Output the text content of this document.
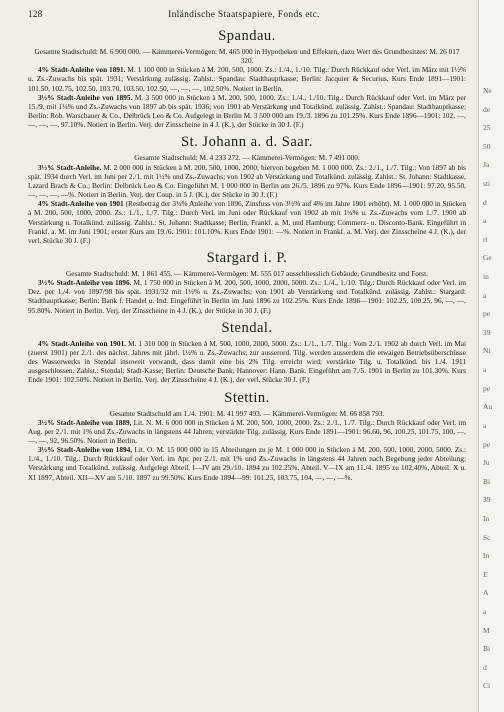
128	Inländische Staatspapiere, Fonds etc.
Spandau.

Gesamte Stadtschuld: M. 6 900 000. — Kämmerei-Vermögen: M. 465 000 in Hypotheken und Effekten, dazu Wert des Grundbesitzes: M. 26 017 320.

4% Stadt-Anleihe von 1891. M. 1 100 000 in Stücken à M. 200, 500, 1000. Zs.: 1./4., 1./10. Tilg.: Durch Rückkauf oder Verl. im März mit 1½% u. Zs.-Zuwachs bis spät. 1931; Verstärkung zulässig. Zahlst.: Spandau: Stadthauptkasse; Berlin: Jacquier & Securius. Kurs Ende 1891—1901: 101.50, 102.75, 102.50, 103.70, 103.50, 102.50, —, —, —, 102.50%. Notiert in Berlin.

3½% Stadt-Anleihe von 1895. M. 3 500 000 in Stücken à M. 200, 500, 1000. Zs.: 1./4., 1./10. Tilg.: Durch Rückkauf oder Verl. im März per 15./9. mit 1¼% und Zs.-Zuwachs von 1897 ab bis spät. 1936; von 1901 ab Verstärkung und Totalkünd. zulässig. Zahlst.: Spandau: Stadthauptkasse; Berlin: Rob. Warschauer & Co., Delbrück Leo & Co. Aufgelegt in Berlin M. 3 500 000 am 19./3. 1896 zu 101.25%. Kurs Ende 1896—1901: 102, —, —, —, —, 97.10%. Notiert in Berlin. Verj. der Zinsscheine in 4 J. (K.), der Stücke in 30 J. (F.)

St. Johann a. d. Saar.

Gesamte Stadtschuld: M. 4 233 272. — Kämmerei-Vermögen: M. 7 491 000.

3½% Stadt-Anleihe. M. 2 000 000 in Stücken à M. 200, 500, 1000, 2000; hiervon begeben M. 1 000 000. Zs.: 2./1., 1./7. Tilg.: Von 1897 ab bis spät. 1934 durch Verl. im Juni per 2./1. mit 1½% und Zs.-Zuwachs; von 1902 ab Verstärkung und Totalkünd. zulässig. Zahlst.: St. Johann: Stadtkasse, Lazard Brach & Co.; Berlin: Delbrück Leo & Co. Eingeführt M. 1 000 000 in Berlin am 26./5. 1896 zu 97%. Kurs Ende 1896—1901: 97.20, 95.50, —, —, —, —%. Notiert in Berlin. Verj. der Coup. in 5 J. (K.), der Stücke in 30 J. (F.)

4% Stadt-Anleihe von 1901 (Restbetrag der 3½% Anleihe von 1896, Zinsfuss von 3½% auf 4% im Jahre 1901 erhöht). M. 1 000 000 in Stücken à M. 200, 500, 1000, 2000. Zs.: 1./1., 1./7. Tilg.: Durch Verl. im Juni oder Rückkauf von 1902 ab mit 1½% u. Zs.-Zuwachs vom 1./7. 1900 ab Verstärkung u. Totalkünd. zulässig. Zahlst.: St. Johann: Stadtkasse; Berlin, Frankf. a. M. und Hamburg: Commerz- u. Disconto-Bank. Eingeführt in Frankf. a. M. im Juni 1901; erster Kurs am 19./6. 1901: 101.10%. Kurs Ende 1901: —%. Notiert in Frankf. a. M. Verj. der Zinsscheine 4 J. (K.), der verl. Stücke 30 J. (F.)

Stargard i. P.

Gesamte Stadtschuld: M. 1 861 455. — Kämmerei-Vermögen: M. 555 017 ausschliesslich Gebäude, Grundbesitz und Forst.

3½% Stadt-Anleihe von 1896. M. 1 750 000 in Stücken à M. 200, 500, 1000, 2000, 5000. Zs.: 1./4., 1./10. Tilg.: Durch Rückkauf oder Verl. im Dez. per 1./4. von 1897/98 bis spät. 1931/32 mit 1½% u. Zs.-Zuwachs; von 1901 ab Verstärkung und Totalkünd. zulässig. Zahlst.: Stargard: Stadthauptkasse; Berlin: Bank f. Handel u. Ind. Eingeführt in Berlin im Juni 1896 zu 102.25%. Kurs Ende 1896—1901: 102.25, 100.25, 96, —, —, 95.80%. Notiert in Berlin. Verj. der Zinsscheine in 4 J. (K.), der Stücke in 30 J. (F.)

Stendal.

4% Stadt-Anleihe von 1901. M. 1 310 000 in Stücken à M. 500, 1000, 2000, 5000. Zs.: 1./1., 1./7. Tilg.: Vom 2./1. 1902 ab durch Verl. im Mai (zuerst 1901) per 2./1. des nächst. Jahres mit jährl. 1½% u. Zs.-Zuwachs; zur ausserord. Tilg. werden ausserdem die etwaigen Betriebsüberschüsse des Wasserwerks in Stendal insoweit verwandt, dass damit eine bis 2% Tilg. erreicht wird; verstärkte Tilg. u. Totalkünd. bis 1./4. 1911 ausgeschlossen. Zahlst.: Stendal: Stadt-Kasse; Berlin: Deutsche Bank; Hannover: Hann. Bank. Eingeführt am 7./5. 1901 in Berlin zu 101.30%. Kurs Ende 1901: 102.50%. Notiert in Berlin. Verj. der Zinsscheine 4 J. (K.), der verl. Stücke 30 J. (F.)

Stettin.

Gesamte Stadtschuld am 1./4. 1901: M. 41 997 493. — Kämmerei-Vermögen: M. 66 858 793.

3½% Stadt-Anleihe von 1889, Lit. N. M. 6 000 000 in Stücken à M. 200, 500, 1000, 2000. Zs.: 2./1., 1./7. Tilg.: Durch Rückkauf oder Verl. im Aug. per 2./1. mit 1% und Zs.-Zuwachs in längstens 44 Jahren; verstärkte Tilg. zulässig. Kurs Ende 1891—1901: 96.60, 96, 100.25, 101.75, 100, —, —, —, 92, 96.50%. Notiert in Berlin.

3½% Stadt-Anleihe von 1894, Lit. O. M. 15 000 000 in 15 Abteilungen zu je M. 1 000 000 in Stücken à M. 200, 500, 1000, 2000, 5000. Zs.: 1./4., 1./10. Tilg.: Durch Rückkauf oder Verl. im Apr. per 2./1. mit 1% und Zs.-Zuwachs in längstens 44 Jahren nach Begebung jeder Abteilung; Verstärkung und Totalkünd. zulässig. Aufgelegt Abteil. I—IV am 29./10. 1894 zu 102.25%, Abteil. V—IX am 11./4. 1895 zu 102.40%, Abteil. X u. XI 1897, Abteil. XII—XV am 5./10. 1897 zu 99.50%. Kurs Ende 1894—99: 101.25, 103.75, 104, —, —, —%.

Ne
de
25
50
Ja
sti
d
a
ri
Ge
in
a
pe
39
Ni
a
pe
Au
a
pe
Ju
Bi
39
In
Sc
In
E
A
a
M
Bi
d
Ci
